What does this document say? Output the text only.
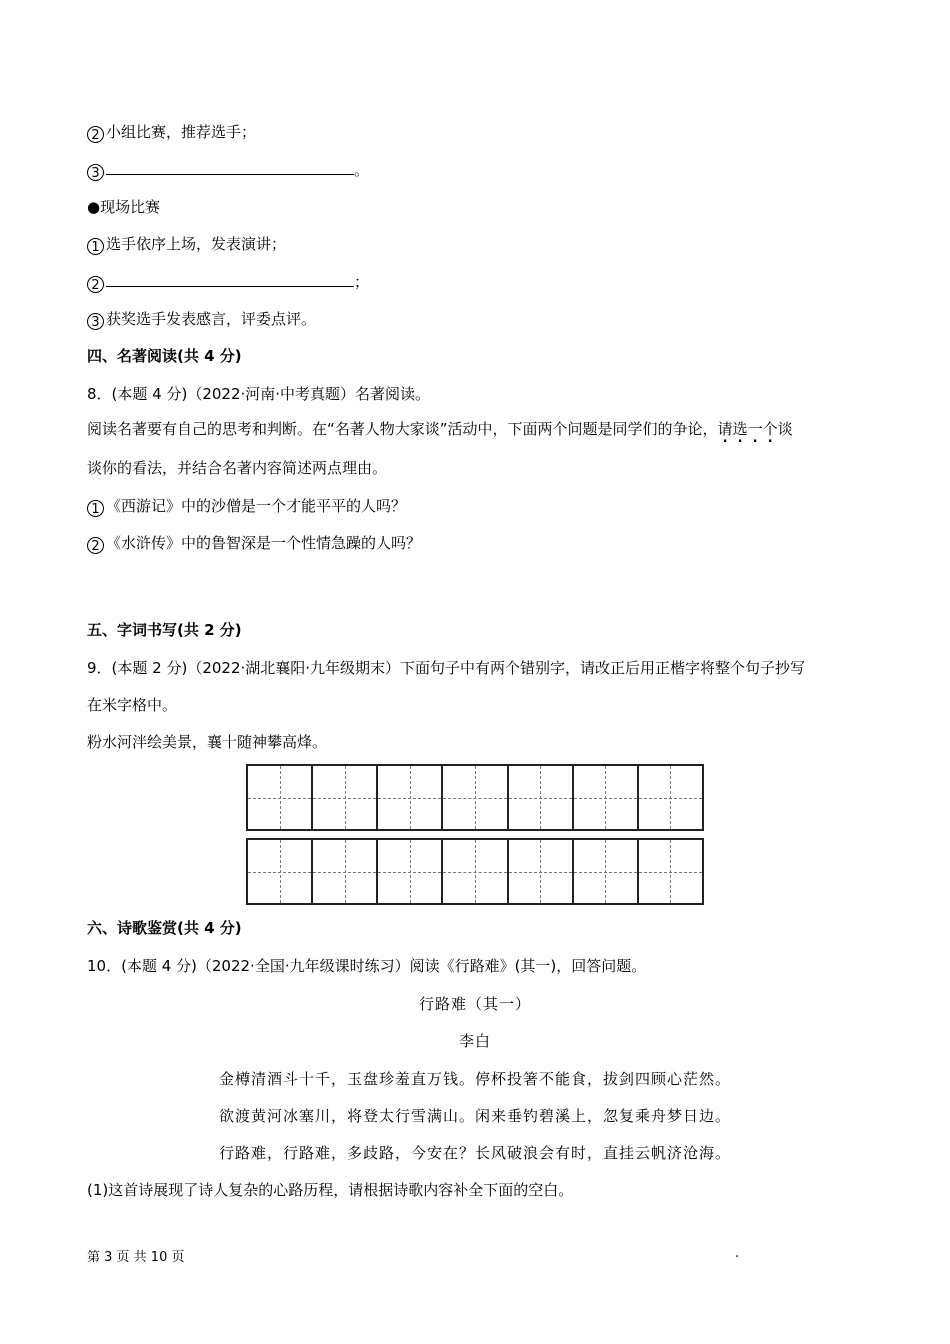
2 小组比赛，推荐选手；
3	。
●现场比赛
1 选手依序上场，发表演讲；
2	；
3 获奖选手发表感言，评委点评。
四、名著阅读(共 4 分)
8．(本题 4 分)（2022·河南·中考真题）名著阅读。
阅读名著要有自己的思考和判断。在“名著人物大家谈”活动中，下面两个问题是同学们的争论，请选一个谈
谈你的看法，并结合名著内容简述两点理由。
1 《西游记》中的沙僧是一个才能平平的人吗？
2 《水浒传》中的鲁智深是一个性情急躁的人吗？
五、字词书写(共 2 分)
9．(本题 2 分)（2022·湖北襄阳·九年级期末）下面句子中有两个错别字，请改正后用正楷字将整个句子抄写
在米字格中。
粉水河泮绘美景，襄十随神攀高烽。
六、诗歌鉴赏(共 4 分)
10．(本题 4 分)（2022·全国·九年级课时练习）阅读《行路难》(其一)，回答问题。
行路难（其一）
李白
金樽清酒斗十千，玉盘珍羞直万钱。停杯投箸不能食，拔剑四顾心茫然。
欲渡黄河冰塞川，将登太行雪满山。闲来垂钓碧溪上，忽复乘舟梦日边。
行路难，行路难，多歧路，今安在？长风破浪会有时，直挂云帆济沧海。
(1)这首诗展现了诗人复杂的心路历程，请根据诗歌内容补全下面的空白。
第 3 页 共 10 页	.
